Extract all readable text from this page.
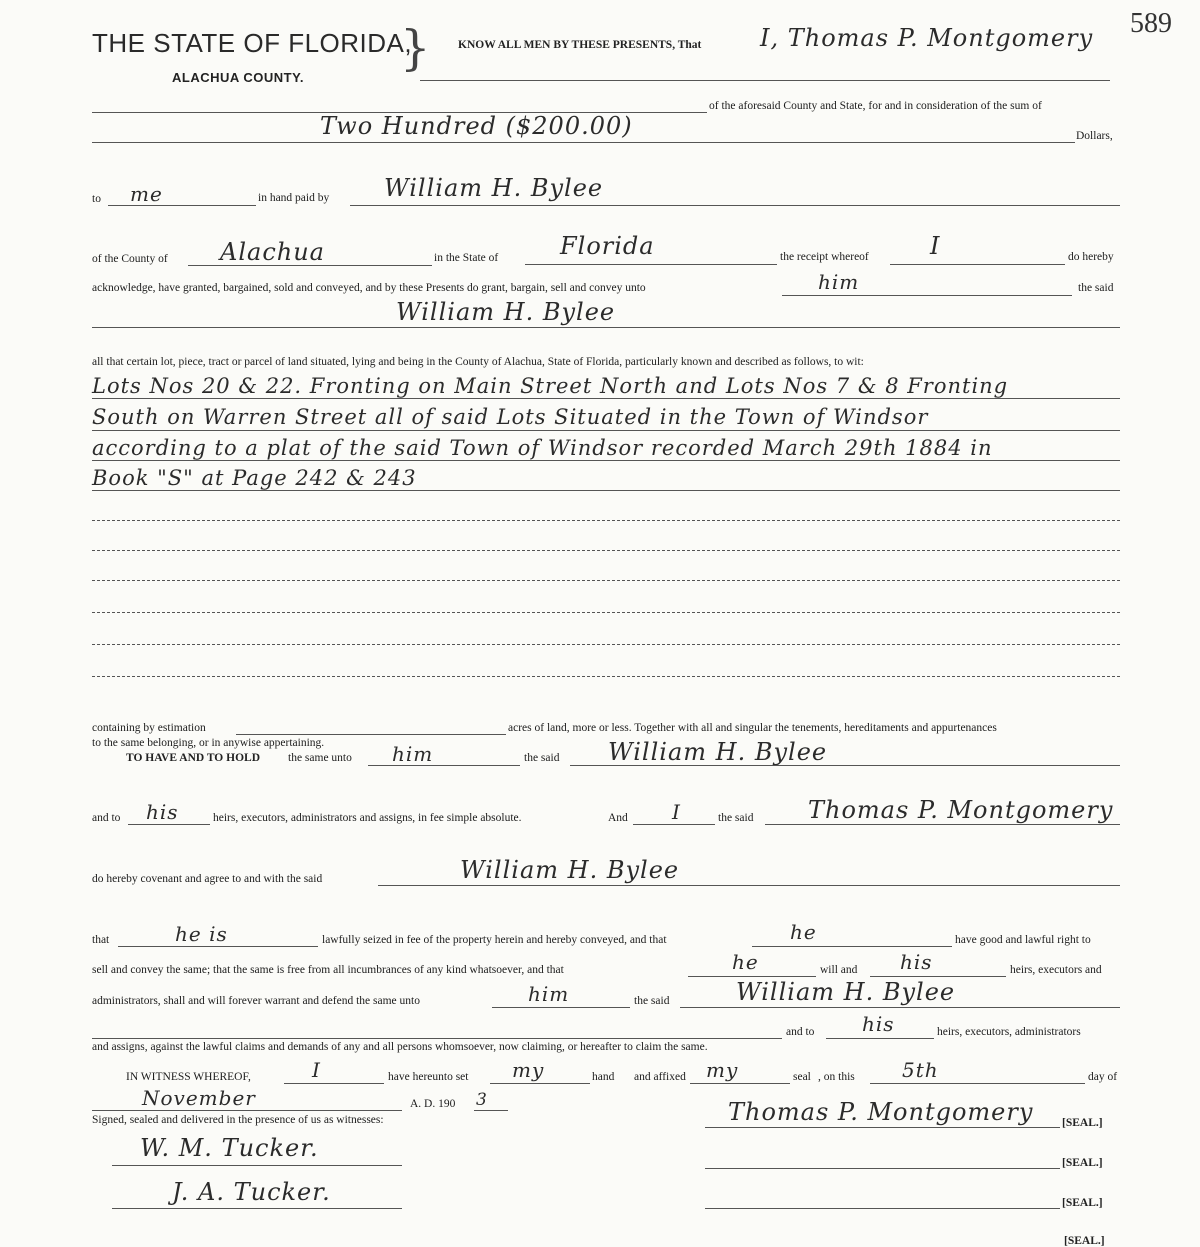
THE STATE OF FLORIDA,
}
ALACHUA COUNTY.
KNOW ALL MEN BY THESE PRESENTS, That I, Thomas P. Montgomery 589
of the aforesaid County and State, for and in consideration of the sum of
Two Hundred ($200.00)	Dollars,
to me	in hand paid by William H. Bylee
of the County of Alachua	in the State of	Florida	the receipt whereof	I	do hereby
acknowledge, have granted, bargained, sold and conveyed, and by these Presents do grant, bargain, sell and convey unto	him	the said
William H. Bylee
all that certain lot, piece, tract or parcel of land situated, lying and being in the County of Alachua, State of Florida, particularly known and described as follows, to wit:
Lots Nos 20 & 22. Fronting on Main Street North and Lots Nos 7 & 8 Fronting
South on Warren Street all of said Lots Situated in the Town of Windsor
according to a plat of the said Town of Windsor recorded March 29th 1884 in
Book "S" at Page 242 & 243
containing by estimation	acres of land, more or less. Together with all and singular the tenements, hereditaments and appurtenances
to the same belonging, or in anywise appertaining.
TO HAVE AND TO HOLD the same unto him	the said William H. Bylee
and to his	heirs, executors, administrators and assigns, in fee simple absolute.	And I	the said Thomas P. Montgomery
do hereby covenant and agree to and with the said	William H. Bylee
that	he is	lawfully seized in fee of the property herein and hereby conveyed, and that	he	have good and lawful right to
sell and convey the same; that the same is free from all incumbrances of any kind whatsoever, and that	he	will and his	heirs, executors and
administrators, shall and will forever warrant and defend the same unto	him	the said	William H. Bylee
and to his	heirs, executors, administrators
and assigns, against the lawful claims and demands of any and all persons whomsoever, now claiming, or hereafter to claim the same.
IN WITNESS WHEREOF,	I	have hereunto set my	hand and affixed my	seal , on this 5th	day of
November	A. D. 190 3
Signed, sealed and delivered in the presence of us as witnesses:	Thomas P. Montgomery [SEAL.]
[SEAL.]
[SEAL.]
[SEAL.]
W. M. Tucker.
J. A. Tucker.
